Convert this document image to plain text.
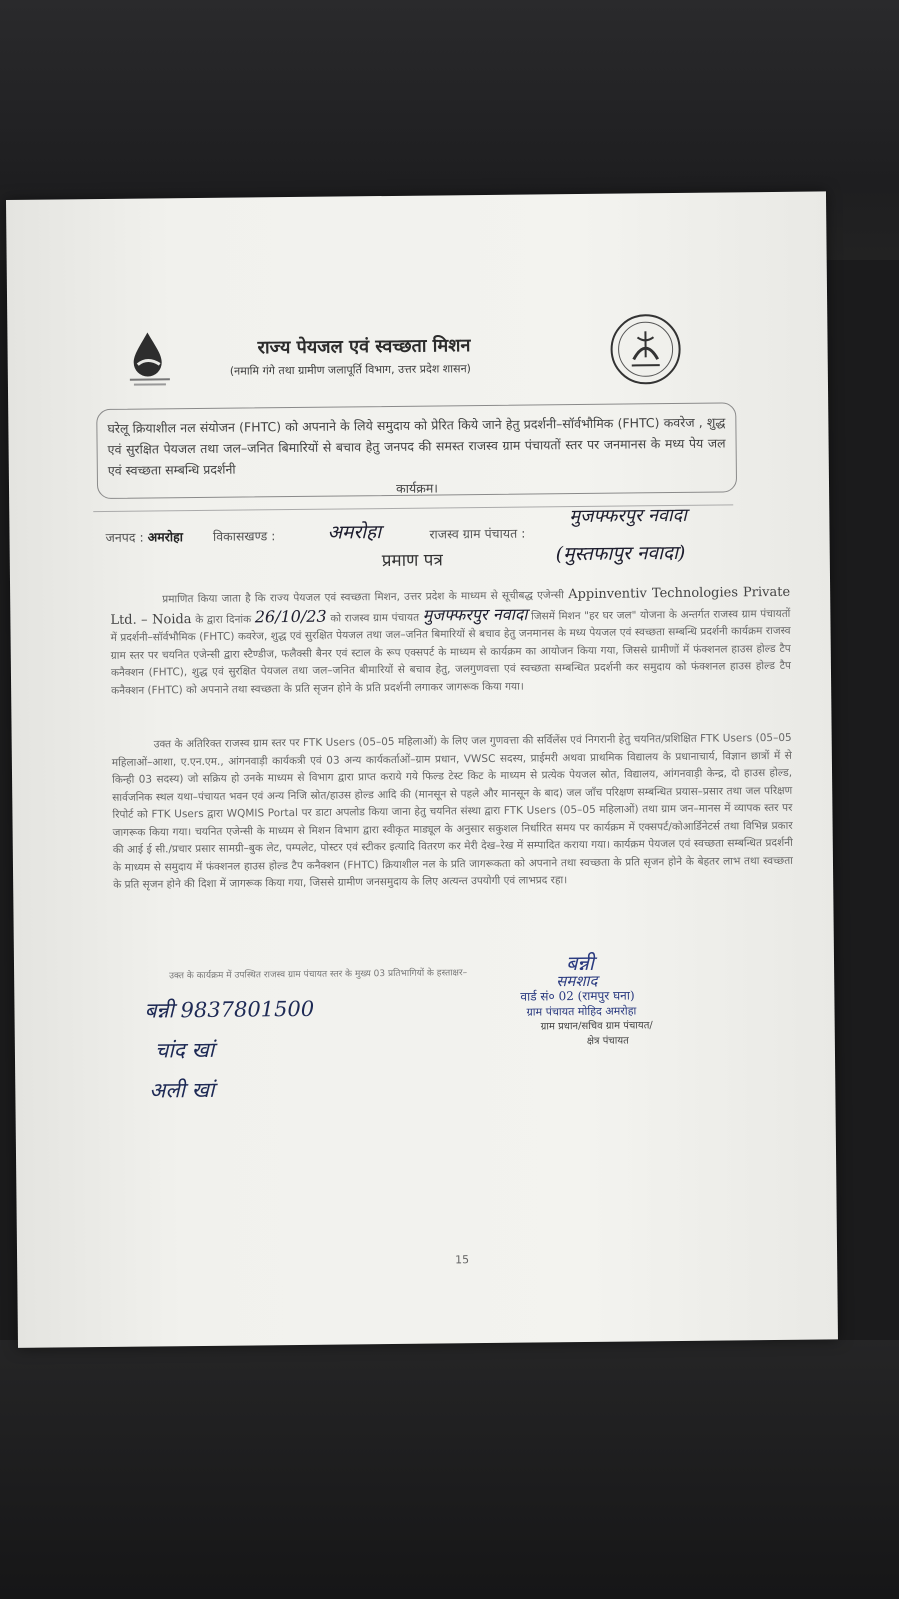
राज्य पेयजल एवं स्वच्छता मिशन
(नमामि गंगे तथा ग्रामीण जलापूर्ति विभाग, उत्तर प्रदेश शासन)
घरेलू क्रियाशील नल संयोजन (FHTC) को अपनाने के लिये समुदाय को प्रेरित किये जाने हेतु प्रदर्शनी–सॉर्वभौमिक (FHTC) कवरेज , शुद्ध एवं सुरक्षित पेयजल तथा जल–जनित बिमारियों से बचाव हेतु जनपद की समस्त राजस्व ग्राम पंचायतों स्तर पर जनमानस के मध्य पेय जल एवं स्वच्छता सम्बन्धि प्रदर्शनी
कार्यक्रम।
जनपद : अमरोहा विकासखण्ड :	राजस्व ग्राम पंचायत :
अमरोहा
मुजफ्फरपुर नवादा
(मुस्तफापुर नवादा)
प्रमाण पत्र
प्रमाणित किया जाता है कि राज्य पेयजल एवं स्वच्छता मिशन, उत्तर प्रदेश के माध्यम से सूचीबद्ध एजेन्सी Appinventiv Technologies Private Ltd. – Noida के द्वारा दिनांक 26/10/23 को राजस्व ग्राम पंचायत मुजफ्फरपुर नवादा जिसमें मिशन "हर घर जल" योजना के अन्तर्गत राजस्व ग्राम पंचायतों में प्रदर्शनी–सॉर्वभौमिक (FHTC) कवरेज, शुद्ध एवं सुरक्षित पेयजल तथा जल–जनित बिमारियों से बचाव हेतु जनमानस के मध्य पेयजल एवं स्वच्छता सम्बन्धि प्रदर्शनी कार्यक्रम राजस्व ग्राम स्तर पर चयनित एजेन्सी द्वारा स्टैण्डीज, फलैक्सी बैनर एवं स्टाल के रूप एक्सपर्ट के माध्यम से कार्यक्रम का आयोजन किया गया, जिससे ग्रामीणों में फंक्शनल हाउस होल्ड टैप कनैक्शन (FHTC), शुद्ध एवं सुरक्षित पेयजल तथा जल–जनित बीमारियों से बचाव हेतु, जलगुणवत्ता एवं स्वच्छता सम्बन्धित प्रदर्शनी कर समुदाय को फंक्शनल हाउस होल्ड टैप कनैक्शन (FHTC) को अपनाने तथा स्वच्छता के प्रति सृजन होने के प्रति प्रदर्शनी लगाकर जागरूक किया गया।
उक्त के अतिरिक्त राजस्व ग्राम स्तर पर FTK Users (05–05 महिलाओं) के लिए जल गुणवत्ता की सर्विलेंस एवं निगरानी हेतु चयनित/प्रशिक्षित FTK Users (05–05 महिलाओं–आशा, ए.एन.एम., आंगनवाड़ी कार्यकत्री एवं 03 अन्य कार्यकर्ताओं–ग्राम प्रधान, VWSC सदस्य, प्राईमरी अथवा प्राथमिक विद्यालय के प्रधानाचार्य, विज्ञान छात्रों में से किन्ही 03 सदस्य) जो सक्रिय हो उनके माध्यम से विभाग द्वारा प्राप्त कराये गये फिल्ड टेस्ट किट के माध्यम से प्रत्येक पेयजल स्रोत, विद्यालय, आंगनवाड़ी केन्द्र, दो हाउस होल्ड, सार्वजनिक स्थल यथा–पंचायत भवन एवं अन्य निजि स्रोत/हाउस होल्ड आदि की (मानसून से पहले और मानसून के बाद) जल जाँच परिक्षण सम्बन्धित प्रयास–प्रसार तथा जल परिक्षण रिपोर्ट को FTK Users द्वारा WQMIS Portal पर डाटा अपलोड किया जाना हेतु चयनित संस्था द्वारा FTK Users (05–05 महिलाओं) तथा ग्राम जन–मानस में व्यापक स्तर पर जागरूक किया गया। चयनित एजेन्सी के माध्यम से मिशन विभाग द्वारा स्वीकृत माड्यूल के अनुसार सकुशल निर्धारित समय पर कार्यक्रम में एक्सपर्ट/कोआर्डिनेटर्स तथा विभिन्न प्रकार की आई ई सी./प्रचार प्रसार सामग्री–बुक लेट, पम्पलेट, पोस्टर एवं स्टीकर इत्यादि वितरण कर मेरी देख–रेख में सम्पादित कराया गया। कार्यक्रम पेयजल एवं स्वच्छता सम्बन्धित प्रदर्शनी के माध्यम से समुदाय में फंक्शनल हाउस होल्ड टैप कनैक्शन (FHTC) क्रियाशील नल के प्रति जागरूकता को अपनाने तथा स्वच्छता के प्रति सृजन होने के बेहतर लाभ तथा स्वच्छता के प्रति सृजन होने की दिशा में जागरूक किया गया, जिससे ग्रामीण जनसमुदाय के लिए अत्यन्त उपयोगी एवं लाभप्रद रहा।
उक्त के कार्यक्रम में उपस्थित राजस्व ग्राम पंचायत स्तर के मुख्य 03 प्रतिभागियों के हस्ताक्षर–
बन्नी 9837801500
चांद खां
अली खां
बन्नी
समशाद
वार्ड सं० 02 (रामपुर घना)
ग्राम पंचायत मोहिद अमरोहा
ग्राम प्रधान/सचिव ग्राम पंचायत/
क्षेत्र पंचायत
15
